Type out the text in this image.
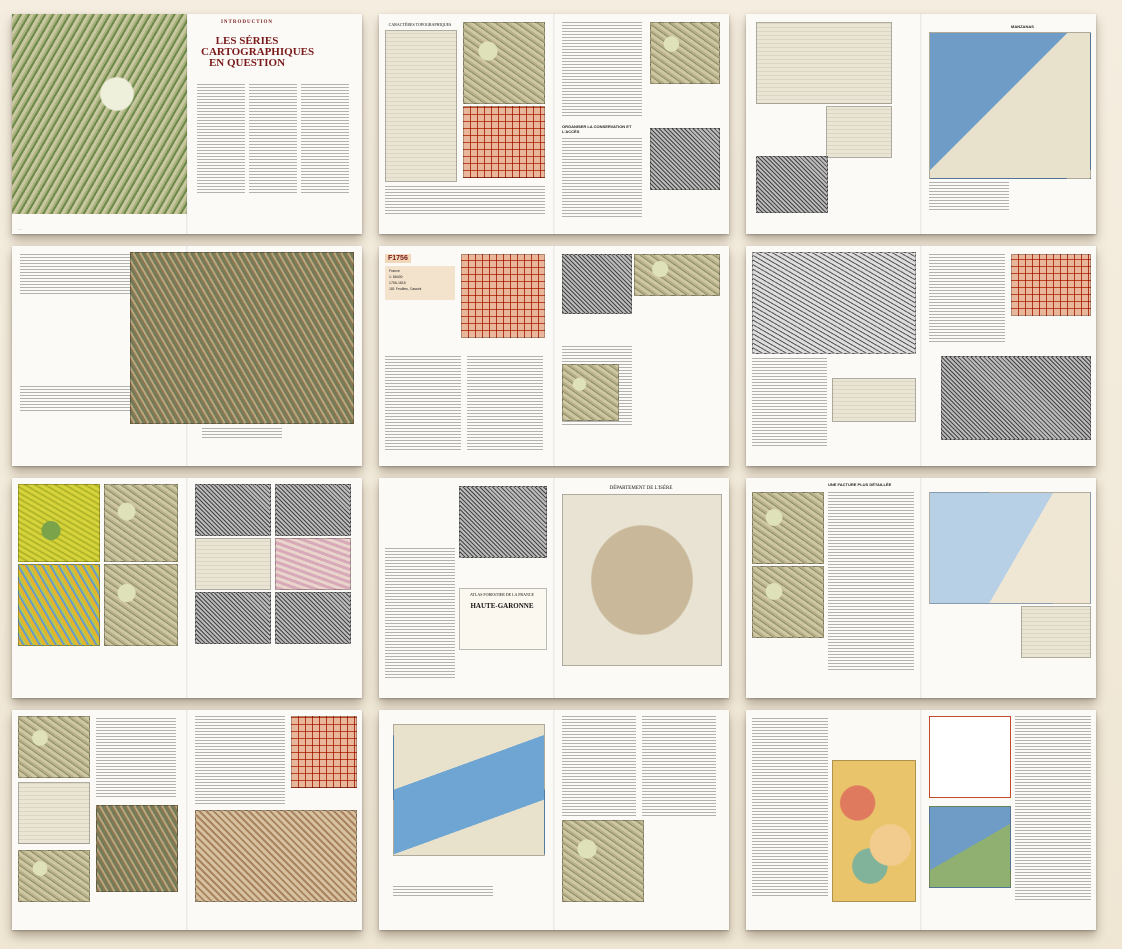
—
INTRODUCTION
LES SÉRIES CARTOGRAPHIQUES EN QUESTION
CARACTÈRES TOPOGRAPHIQUES
ORGANISER LA CONSERVATION ET L'ACCÈS
MANZANAS
F1756
France
1: 86400
1756-1815
181 Feuilles, Cassini
ATLAS FORESTIER DE LA FRANCE
HAUTE-GARONNE
DÉPARTEMENT DE L'ISÈRE
UNE FACTURE PLUS DÉTAILLÉE
